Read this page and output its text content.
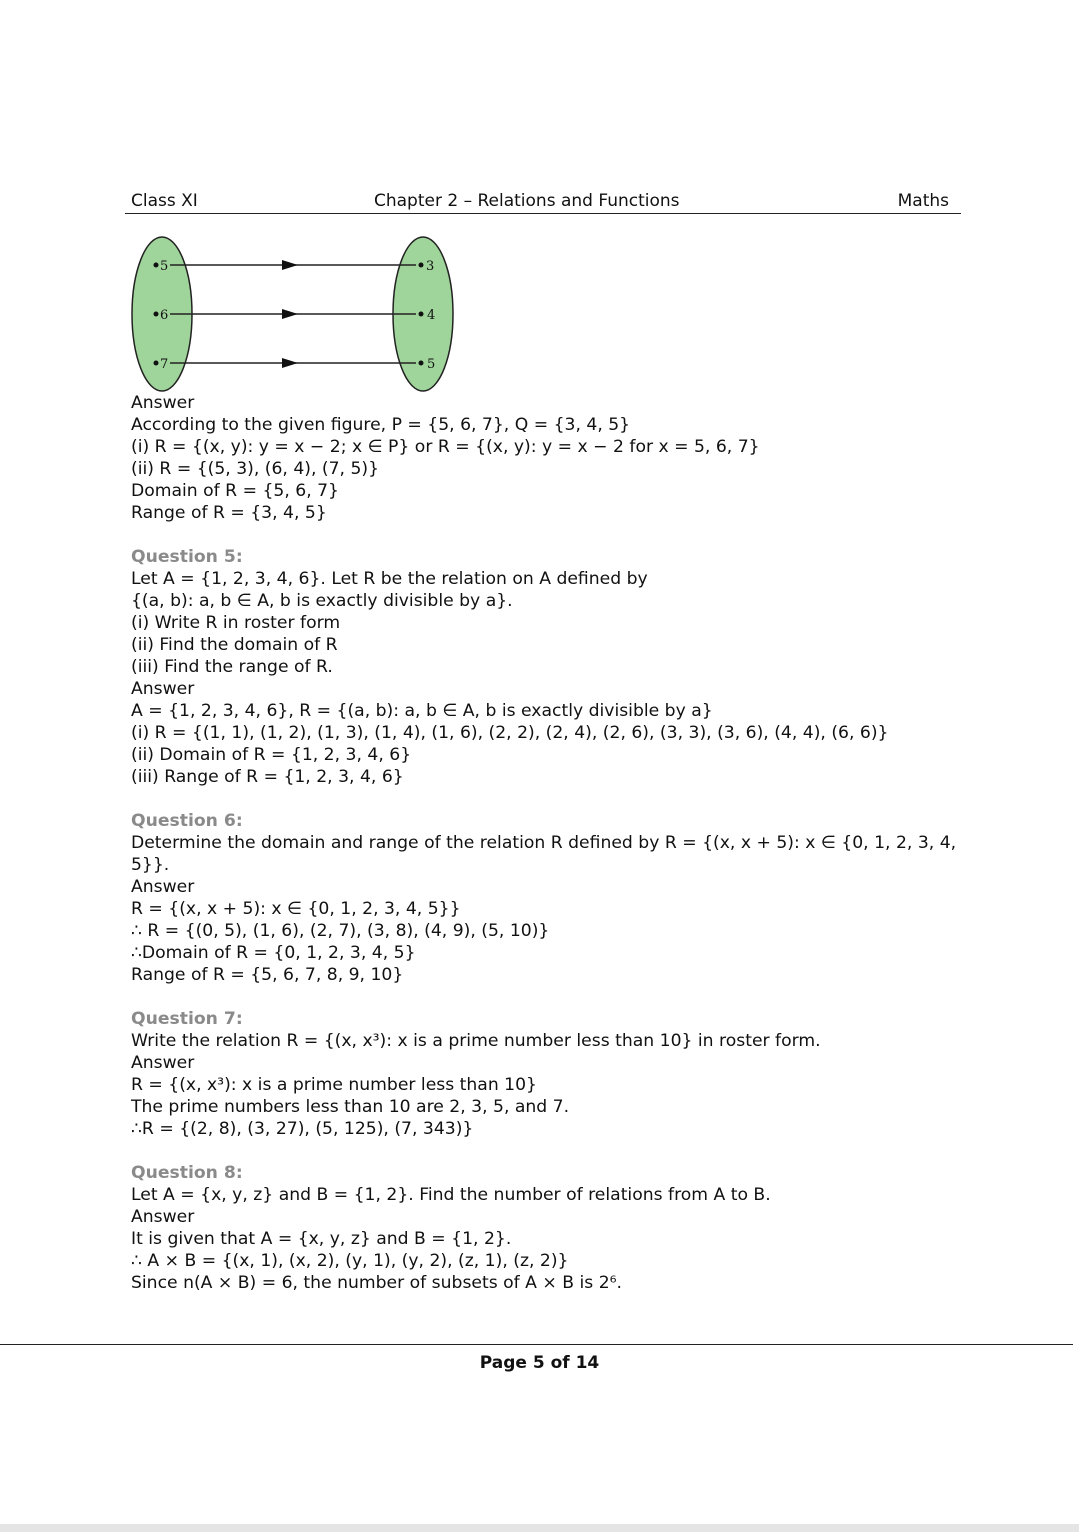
Class XI	Chapter 2 – Relations and Functions	Maths
5
6
7
3
4
5
Answer
According to the given figure, P = {5, 6, 7}, Q = {3, 4, 5}
(i) R = {(x, y): y = x − 2; x ∈ P} or R = {(x, y): y = x − 2 for x = 5, 6, 7}
(ii) R = {(5, 3), (6, 4), (7, 5)}
Domain of R = {5, 6, 7}
Range of R = {3, 4, 5}
Question 5:
Let A = {1, 2, 3, 4, 6}. Let R be the relation on A defined by
{(a, b): a, b ∈ A, b is exactly divisible by a}.
(i) Write R in roster form
(ii) Find the domain of R
(iii) Find the range of R.
Answer
A = {1, 2, 3, 4, 6}, R = {(a, b): a, b ∈ A, b is exactly divisible by a}
(i) R = {(1, 1), (1, 2), (1, 3), (1, 4), (1, 6), (2, 2), (2, 4), (2, 6), (3, 3), (3, 6), (4, 4), (6, 6)}
(ii) Domain of R = {1, 2, 3, 4, 6}
(iii) Range of R = {1, 2, 3, 4, 6}
Question 6:
Determine the domain and range of the relation R defined by R = {(x, x + 5): x ∈ {0, 1, 2, 3, 4, 5}}.
Answer
R = {(x, x + 5): x ∈ {0, 1, 2, 3, 4, 5}}
∴ R = {(0, 5), (1, 6), (2, 7), (3, 8), (4, 9), (5, 10)}
∴Domain of R = {0, 1, 2, 3, 4, 5}
Range of R = {5, 6, 7, 8, 9, 10}
Question 7:
Write the relation R = {(x, x³): x is a prime number less than 10} in roster form.
Answer
R = {(x, x³): x is a prime number less than 10}
The prime numbers less than 10 are 2, 3, 5, and 7.
∴R = {(2, 8), (3, 27), (5, 125), (7, 343)}
Question 8:
Let A = {x, y, z} and B = {1, 2}. Find the number of relations from A to B.
Answer
It is given that A = {x, y, z} and B = {1, 2}.
∴ A × B = {(x, 1), (x, 2), (y, 1), (y, 2), (z, 1), (z, 2)}
Since n(A × B) = 6, the number of subsets of A × B is 2⁶.
Page 5 of 14
